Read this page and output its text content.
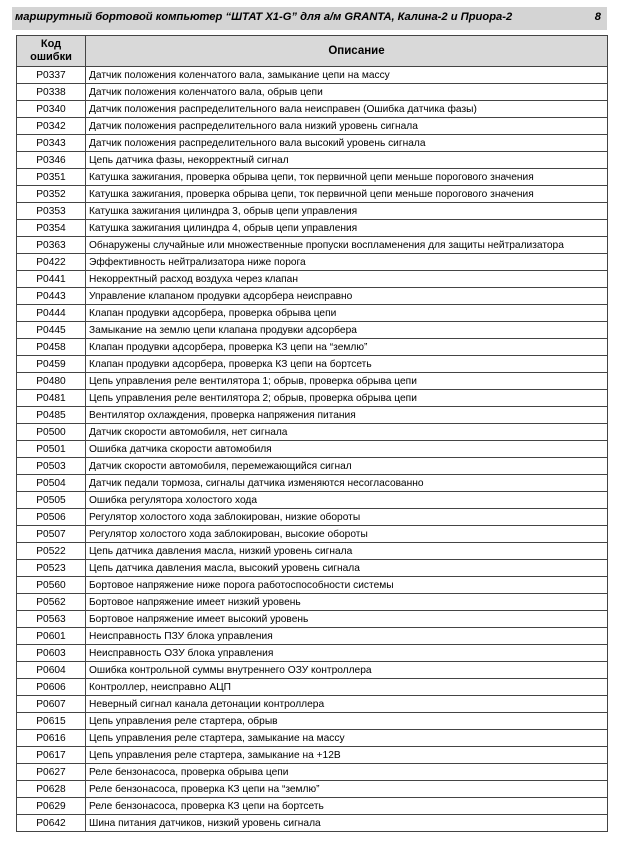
маршрутный бортовой компьютер “ШТАТ X1-G” для а/м GRANTA, Калина-2 и Приора-2	8
Код
ошибки	Описание
P0337	Датчик положения коленчатого вала, замыкание цепи на массу
P0338	Датчик положения коленчатого вала, обрыв цепи
P0340	Датчик положения распределительного вала неисправен (Ошибка датчика фазы)
P0342	Датчик положения распределительного вала низкий уровень сигнала
P0343	Датчик положения распределительного вала высокий уровень сигнала
P0346	Цепь датчика фазы, некорректный сигнал
P0351	Катушка зажигания, проверка обрыва цепи, ток первичной цепи меньше порогового значения
P0352	Катушка зажигания, проверка обрыва цепи, ток первичной цепи меньше порогового значения
P0353	Катушка зажигания цилиндра 3, обрыв цепи управления
P0354	Катушка зажигания цилиндра 4, обрыв цепи управления
P0363	Обнаружены случайные или множественные пропуски воспламенения для защиты нейтрализатора
P0422	Эффективность нейтрализатора ниже порога
P0441	Некорректный расход воздуха через клапан
P0443	Управление клапаном продувки адсорбера неисправно
P0444	Клапан продувки адсорбера, проверка обрыва цепи
P0445	Замыкание на землю цепи клапана продувки адсорбера
P0458	Клапан продувки адсорбера, проверка КЗ цепи на “землю”
P0459	Клапан продувки адсорбера, проверка КЗ цепи на бортсеть
P0480	Цепь управления реле вентилятора 1; обрыв, проверка обрыва цепи
P0481	Цепь управления реле вентилятора 2; обрыв, проверка обрыва цепи
P0485	Вентилятор охлаждения, проверка напряжения питания
P0500	Датчик скорости автомобиля, нет сигнала
P0501	Ошибка датчика скорости автомобиля
P0503	Датчик скорости автомобиля, перемежающийся сигнал
P0504	Датчик педали тормоза, сигналы датчика изменяются несогласованно
P0505	Ошибка регулятора холостого хода
P0506	Регулятор холостого хода заблокирован, низкие обороты
P0507	Регулятор холостого хода заблокирован, высокие обороты
P0522	Цепь датчика давления масла, низкий уровень сигнала
P0523	Цепь датчика давления масла, высокий уровень сигнала
P0560	Бортовое напряжение ниже порога работоспособности системы
P0562	Бортовое напряжение имеет низкий уровень
P0563	Бортовое напряжение имеет высокий уровень
P0601	Неисправность ПЗУ блока управления
P0603	Неисправность ОЗУ блока управления
P0604	Ошибка контрольной суммы внутреннего ОЗУ контроллера
P0606	Контроллер, неисправно АЦП
P0607	Неверный сигнал канала детонации контроллера
P0615	Цепь управления реле стартера, обрыв
P0616	Цепь управления реле стартера, замыкание на массу
P0617	Цепь управления реле стартера, замыкание на +12В
P0627	Реле бензонасоса, проверка обрыва цепи
P0628	Реле бензонасоса, проверка КЗ цепи на “землю”
P0629	Реле бензонасоса, проверка КЗ цепи на бортсеть
P0642	Шина питания датчиков, низкий уровень сигнала
